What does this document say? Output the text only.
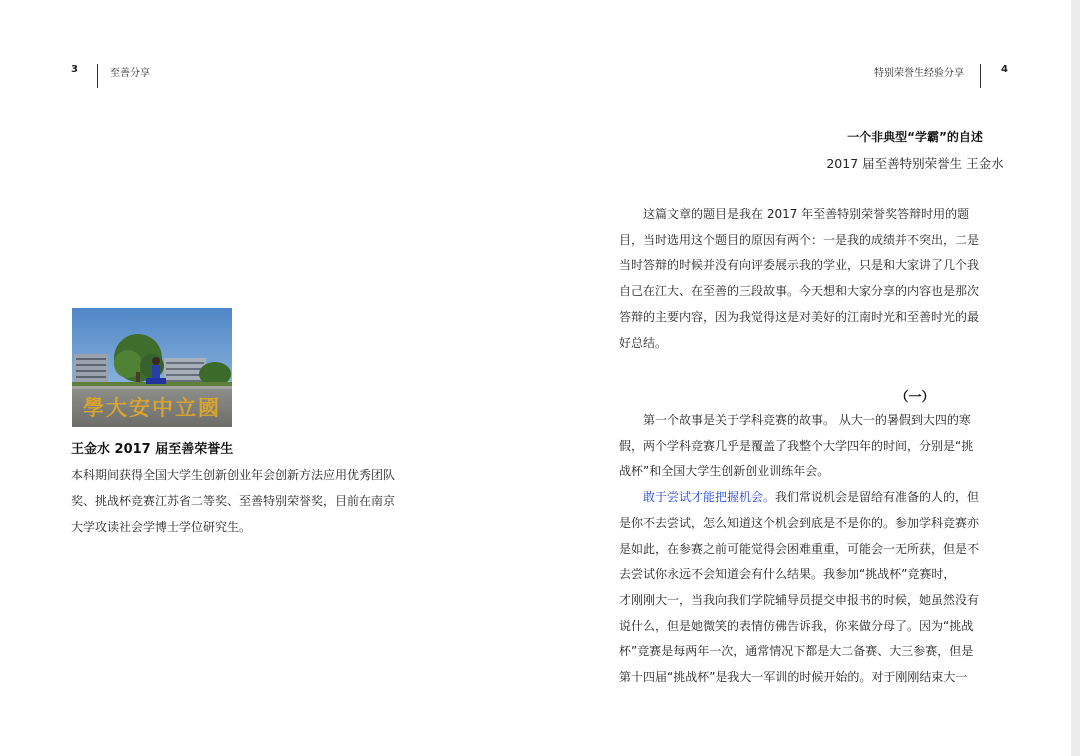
3	至善分享
學大安中立國
王金水 2017 届至善荣誉生
本科期间获得全国大学生创新创业年会创新方法应用优秀团队
奖、挑战杯竞赛江苏省二等奖、至善特别荣誉奖，目前在南京
大学攻读社会学博士学位研究生。
特别荣誉生经验分享	4
一个非典型“学霸”的自述
2017 届至善特别荣誉生 王金水
这篇文章的题目是我在 2017 年至善特别荣誉奖答辩时用的题
目，当时选用这个题目的原因有两个：一是我的成绩并不突出，二是
当时答辩的时候并没有向评委展示我的学业，只是和大家讲了几个我
自己在江大、在至善的三段故事。今天想和大家分享的内容也是那次
答辩的主要内容，因为我觉得这是对美好的江南时光和至善时光的最
好总结。
（一）
第一个故事是关于学科竞赛的故事。 从大一的暑假到大四的寒
假，两个学科竞赛几乎是覆盖了我整个大学四年的时间，分别是“挑
战杯”和全国大学生创新创业训练年会。
敢于尝试才能把握机会。我们常说机会是留给有准备的人的，但
是你不去尝试，怎么知道这个机会到底是不是你的。参加学科竞赛亦
是如此，在参赛之前可能觉得会困难重重，可能会一无所获，但是不
去尝试你永远不会知道会有什么结果。我参加“挑战杯”竞赛时，
才刚刚大一，当我向我们学院辅导员提交申报书的时候，她虽然没有
说什么，但是她微笑的表情仿佛告诉我，你来做分母了。因为“挑战
杯”竞赛是每两年一次，通常情况下都是大二备赛、大三参赛，但是
第十四届“挑战杯”是我大一军训的时候开始的。对于刚刚结束大一
